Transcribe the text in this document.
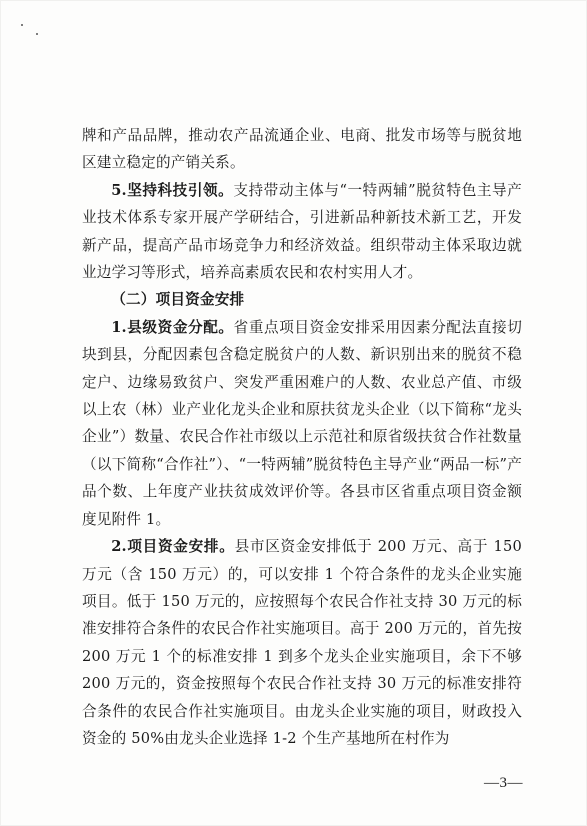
牌和产品品牌，推动农产品流通企业、电商、批发市场等与脱贫地区建立稳定的产销关系。

5.坚持科技引领。支持带动主体与“一特两辅”脱贫特色主导产业技术体系专家开展产学研结合，引进新品种新技术新工艺，开发新产品，提高产品市场竞争力和经济效益。组织带动主体采取边就业边学习等形式，培养高素质农民和农村实用人才。

（二）项目资金安排

1.县级资金分配。省重点项目资金安排采用因素分配法直接切块到县，分配因素包含稳定脱贫户的人数、新识别出来的脱贫不稳定户、边缘易致贫户、突发严重困难户的人数、农业总产值、市级以上农（林）业产业化龙头企业和原扶贫龙头企业（以下简称“龙头企业”）数量、农民合作社市级以上示范社和原省级扶贫合作社数量（以下简称“合作社”）、“一特两辅”脱贫特色主导产业“两品一标”产品个数、上年度产业扶贫成效评价等。各县市区省重点项目资金额度见附件 1。

2.项目资金安排。县市区资金安排低于 200 万元、高于 150 万元（含 150 万元）的，可以安排 1 个符合条件的龙头企业实施项目。低于 150 万元的，应按照每个农民合作社支持 30 万元的标准安排符合条件的农民合作社实施项目。高于 200 万元的，首先按 200 万元 1 个的标准安排 1 到多个龙头企业实施项目，余下不够 200 万元的，资金按照每个农民合作社支持 30 万元的标准安排符合条件的农民合作社实施项目。由龙头企业实施的项目，财政投入资金的 50%由龙头企业选择 1-2 个生产基地所在村作为

—3—
